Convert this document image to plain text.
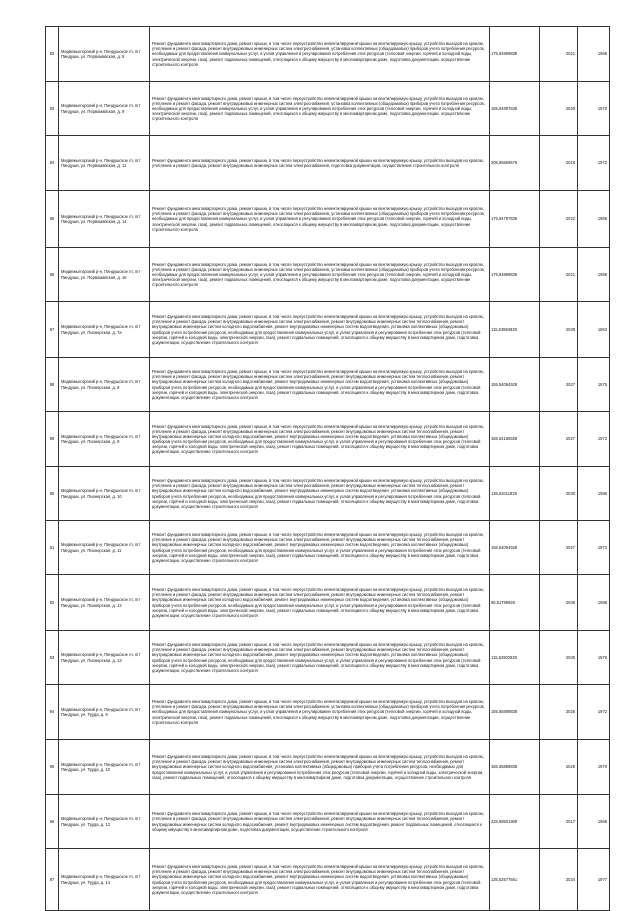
82	Медвежьегорский р-н, Пиндушское гп, пгт Пиндуши, ул. Первомайская, д. 6	Ремонт фундамента многоквартирного дома, ремонт крыши, в том числе переустройство невентилируемой крыши на вентилируемую крышу, устройство выходов на кровлю, утепление и ремонт фасада, ремонт внутридомовых инженерных систем электроснабжения, установка коллективных (общедомовых) приборов учета потребления ресурсов, необходимых для предоставления коммунальных услуг, и узлов управления и регулирования потребления этих ресурсов (тепловой энергии, горячей и холодной воды, электрической энергии, газа), ремонт подвальных помещений, относящихся к общему имуществу в многоквартирном доме, подготовка документации, осуществление строительного контроля	175,94899838	2021	1966
83	Медвежьегорский р-н, Пиндушское гп, пгт Пиндуши, ул. Первомайская, д. 9	Ремонт фундамента многоквартирного дома, ремонт крыши, в том числе переустройство невентилируемой крыши на вентилируемую крышу, устройство выходов на кровлю, утепление и ремонт фасада, ремонт внутридомовых инженерных систем электроснабжения, установка коллективных (общедомовых) приборов учета потребления ресурсов, необходимых для предоставления коммунальных услуг, и узлов управления и регулирования потребления этих ресурсов (тепловой энергии, горячей и холодной воды, электрической энергии, газа), ремонт подвальных помещений, относящихся к общему имуществу в многоквартирном доме, подготовка документации, осуществление строительного контроля	155,94897838	2020	1970
84	Медвежьегорский р-н, Пиндушское гп, пгт Пиндуши, ул. Первомайская, д. 11	Ремонт фундамента многоквартирного дома, ремонт крыши, в том числе переустройство невентилируемой крыши на вентилируемую крышу, устройство выходов на кровлю, утепление и ремонт фасада, ремонт внутридомовых инженерных систем электроснабжения, подготовка документации, осуществление строительного контроля	205,56569678	2018	1972
85	Медвежьегорский р-н, Пиндушское гп, пгт Пиндуши, ул. Первомайская, д. 14	Ремонт фундамента многоквартирного дома, ремонт крыши, в том числе переустройство невентилируемой крыши на вентилируемую крышу, устройство выходов на кровлю, утепление и ремонт фасада, ремонт внутридомовых инженерных систем электроснабжения, установка коллективных (общедомовых) приборов учета потребления ресурсов, необходимых для предоставления коммунальных услуг, и узлов управления и регулирования потребления этих ресурсов (тепловой энергии, горячей и холодной воды, электрической энергии, газа), ремонт подвальных помещений, относящихся к общему имуществу в многоквартирном доме, подготовка документации, осуществление строительного контроля	175,94797838	2022	1969
86	Медвежьегорский р-н, Пиндушское гп, пгт Пиндуши, ул. Первомайская, д. 16	Ремонт фундамента многоквартирного дома, ремонт крыши, в том числе переустройство невентилируемой крыши на вентилируемую крышу, устройство выходов на кровлю, утепление и ремонт фасада, ремонт внутридомовых инженерных систем электроснабжения, установка коллективных (общедомовых) приборов учета потребления ресурсов, необходимых для предоставления коммунальных услуг, и узлов управления и регулирования потребления этих ресурсов (тепловой энергии, горячей и холодной воды, электрической энергии, газа), ремонт подвальных помещений, относящихся к общему имуществу в многоквартирном доме, подготовка документации, осуществление строительного контроля	175,94899838	2021	1968
87	Медвежьегорский р-н, Пиндушское гп, пгт Пиндуши, ул. Пионерская, д. 7а	Ремонт фундамента многоквартирного дома, ремонт крыши, в том числе переустройство невентилируемой крыши на вентилируемую крышу, устройство выходов на кровлю, утепление и ремонт фасада, ремонт внутридомовых инженерных систем электроснабжения, ремонт внутридомовых инженерных систем теплоснабжения, ремонт внутридомовых инженерных систем холодного водоснабжения, ремонт внутридомовых инженерных систем водоотведения, установка коллективных (общедомовых) приборов учета потребления ресурсов, необходимых для предоставления коммунальных услуг, и узлов управления и регулирования потребления этих ресурсов (тепловой энергии, горячей и холодной воды, электрической энергии, газа), ремонт подвальных помещений, относящихся к общему имуществу в многоквартирном доме, подготовка документации, осуществление строительного контроля	115,53594928	2038	1963
88	Медвежьегорский р-н, Пиндушское гп, пгт Пиндуши, ул. Пионерская, д. 8	Ремонт фундамента многоквартирного дома, ремонт крыши, в том числе переустройство невентилируемой крыши на вентилируемую крышу, устройство выходов на кровлю, утепление и ремонт фасада, ремонт внутридомовых инженерных систем электроснабжения, ремонт внутридомовых инженерных систем теплоснабжения, ремонт внутридомовых инженерных систем холодного водоснабжения, ремонт внутридомовых инженерных систем водоотведения, установка коллективных (общедомовых) приборов учета потребления ресурсов, необходимых для предоставления коммунальных услуг, и узлов управления и регулирования потребления этих ресурсов (тепловой энергии, горячей и холодной воды, электрической энергии, газа), ремонт подвальных помещений, относящихся к общему имуществу в многоквартирном доме, подготовка документации, осуществление строительного контроля	155,54094928	2027	1975
89	Медвежьегорский р-н, Пиндушское гп, пгт Пиндуши, ул. Пионерская, д. 9	Ремонт фундамента многоквартирного дома, ремонт крыши, в том числе переустройство невентилируемой крыши на вентилируемую крышу, устройство выходов на кровлю, утепление и ремонт фасада, ремонт внутридомовых инженерных систем электроснабжения, ремонт внутридомовых инженерных систем теплоснабжения, ремонт внутридомовых инженерных систем холодного водоснабжения, ремонт внутридомовых инженерных систем водоотведения, установка коллективных (общедомовых) приборов учета потребления ресурсов, необходимых для предоставления коммунальных услуг, и узлов управления и регулирования потребления этих ресурсов (тепловой энергии, горячей и холодной воды, электрической энергии, газа), ремонт подвальных помещений, относящихся к общему имуществу в многоквартирном доме, подготовка документации, осуществление строительного контроля	155,54185928	2027	1972
90	Медвежьегорский р-н, Пиндушское гп, пгт Пиндуши, ул. Пионерская, д. 10	Ремонт фундамента многоквартирного дома, ремонт крыши, в том числе переустройство невентилируемой крыши на вентилируемую крышу, устройство выходов на кровлю, утепление и ремонт фасада, ремонт внутридомовых инженерных систем электроснабжения, ремонт внутридомовых инженерных систем теплоснабжения, ремонт внутридомовых инженерных систем холодного водоснабжения, ремонт внутридомовых инженерных систем водоотведения, установка коллективных (общедомовых) приборов учета потребления ресурсов, необходимых для предоставления коммунальных услуг, и узлов управления и регулирования потребления этих ресурсов (тепловой энергии, горячей и холодной воды, электрической энергии, газа), ремонт подвальных помещений, относящихся к общему имуществу в многоквартирном доме, подготовка документации, осуществление строительного контроля	135,52011928	2030	1986
91	Медвежьегорский р-н, Пиндушское гп, пгт Пиндуши, ул. Пионерская, д. 11	Ремонт фундамента многоквартирного дома, ремонт крыши, в том числе переустройство невентилируемой крыши на вентилируемую крышу, устройство выходов на кровлю, утепление и ремонт фасада, ремонт внутридомовых инженерных систем электроснабжения, ремонт внутридомовых инженерных систем теплоснабжения, ремонт внутридомовых инженерных систем холодного водоснабжения, ремонт внутридомовых инженерных систем водоотведения, установка коллективных (общедомовых) приборов учета потребления ресурсов, необходимых для предоставления коммунальных услуг, и узлов управления и регулирования потребления этих ресурсов (тепловой энергии, горячей и холодной воды, электрической энергии, газа), ремонт подвальных помещений, относящихся к общему имуществу в многоквартирном доме, подготовка документации, осуществление строительного контроля	155,54094928	2027	1973
92	Медвежьегорский р-н, Пиндушское гп, пгт Пиндуши, ул. Пионерская, д. 12	Ремонт фундамента многоквартирного дома, ремонт крыши, в том числе переустройство невентилируемой крыши на вентилируемую крышу, устройство выходов на кровлю, утепление и ремонт фасада, ремонт внутридомовых инженерных систем электроснабжения, ремонт внутридомовых инженерных систем теплоснабжения, ремонт внутридомовых инженерных систем холодного водоснабжения, ремонт внутридомовых инженерных систем водоотведения, установка коллективных (общедомовых) приборов учета потребления ресурсов, необходимых для предоставления коммунальных услуг, и узлов управления и регулирования потребления этих ресурсов (тепловой энергии, горячей и холодной воды, электрической энергии, газа), ремонт подвальных помещений, относящихся к общему имуществу в многоквартирном доме, подготовка документации, осуществление строительного контроля	95,51799928	2036	1988
93	Медвежьегорский р-н, Пиндушское гп, пгт Пиндуши, ул. Пионерская, д. 13	Ремонт фундамента многоквартирного дома, ремонт крыши, в том числе переустройство невентилируемой крыши на вентилируемую крышу, устройство выходов на кровлю, утепление и ремонт фасада, ремонт внутридомовых инженерных систем электроснабжения, ремонт внутридомовых инженерных систем теплоснабжения, ремонт внутридомовых инженерных систем холодного водоснабжения, ремонт внутридомовых инженерных систем водоотведения, установка коллективных (общедомовых) приборов учета потребления ресурсов, необходимых для предоставления коммунальных услуг, и узлов управления и регулирования потребления этих ресурсов (тепловой энергии, горячей и холодной воды, электрической энергии, газа), ремонт подвальных помещений, относящихся к общему имуществу в многоквартирном доме, подготовка документации, осуществление строительного контроля	115,52902928	2036	1976
94	Медвежьегорский р-н, Пиндушское гп, пгт Пиндуши, ул. Труда, д. 9	Ремонт фундамента многоквартирного дома, ремонт крыши, в том числе переустройство невентилируемой крыши на вентилируемую крышу, устройство выходов на кровлю, утепление и ремонт фасада, ремонт внутридомовых инженерных систем электроснабжения, установка коллективных (общедомовых) приборов учета потребления ресурсов, необходимых для предоставления коммунальных услуг, и узлов управления и регулирования потребления этих ресурсов (тепловой энергии, горячей и холодной воды, электрической энергии, газа), ремонт подвальных помещений, относящихся к общему имуществу в многоквартирном доме, подготовка документации, осуществление строительного контроля	155,55889838	2026	1972
95	Медвежьегорский р-н, Пиндушское гп, пгт Пиндуши, ул. Труда, д. 10	Ремонт фундамента многоквартирного дома, ремонт крыши, в том числе переустройство невентилируемой крыши на вентилируемую крышу, устройство выходов на кровлю, утепление и ремонт фасада, ремонт внутридомовых инженерных систем электроснабжения, ремонт внутридомовых инженерных систем теплоснабжения, ремонт внутридомовых инженерных систем холодного водоснабжения, установка коллективных (общедомовых) приборов учета потребления ресурсов, необходимых для предоставления коммунальных услуг, и узлов управления и регулирования потребления этих ресурсов (тепловой энергии, горячей и холодной воды, электрической энергии, газа), ремонт подвальных помещений, относящихся к общему имуществу в многоквартирном доме, подготовка документации, осуществление строительного контроля	155,55889838	2026	1970
96	Медвежьегорский р-н, Пиндушское гп, пгт Пиндуши, ул. Труда, д. 13	Ремонт фундамента многоквартирного дома, ремонт крыши, в том числе переустройство невентилируемой крыши на вентилируемую крышу, устройство выходов на кровлю, утепление и ремонт фасада, ремонт внутридомовых инженерных систем электроснабжения, ремонт внутридомовых инженерных систем теплоснабжения, ремонт внутридомовых инженерных систем холодного водоснабжения, ремонт внутридомовых инженерных систем водоотведения, ремонт подвальных помещений, относящихся к общему имуществу в многоквартирном доме, подготовка документации, осуществление строительного контроля	225,58501909	2017	1966
97	Медвежьегорский р-н, Пиндушское гп, пгт Пиндуши, ул. Труда, д. 14	Ремонт фундамента многоквартирного дома, ремонт крыши, в том числе переустройство невентилируемой крыши на вентилируемую крышу, устройство выходов на кровлю, утепление и ремонт фасада, ремонт внутридомовых инженерных систем электроснабжения, ремонт внутридомовых инженерных систем теплоснабжения, ремонт внутридомовых инженерных систем холодного водоснабжения, ремонт внутридомовых инженерных систем водоотведения, установка коллективных (общедомовых) приборов учета потребления ресурсов, необходимых для предоставления коммунальных услуг, и узлов управления и регулирования потребления этих ресурсов (тепловой энергии, горячей и холодной воды, электрической энергии, газа), ремонт подвальных помещений, относящихся к общему имуществу в многоквартирном доме, подготовка документации, осуществление строительного контроля	135,52577661	2034	1977
